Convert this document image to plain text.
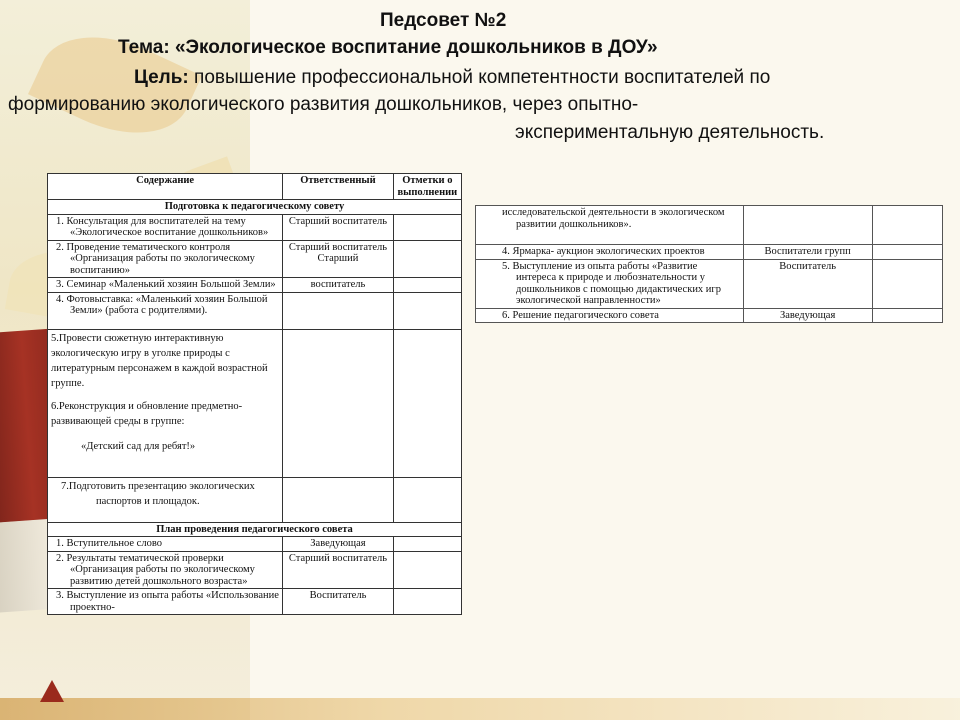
Педсовет №2
Тема: «Экологическое воспитание дошкольников в ДОУ»
Цель: повышение профессиональной компетентности воспитателей по
формированию экологического развития дошкольников, через опытно-
экспериментальную деятельность.
Содержание	Ответственный	Отметки о выполнении
Подготовка к педагогическому совету		
1. Консультация для воспитателей на тему «Экологическое воспитание дошкольников»	Старший воспитатель	
2. Проведение тематического контроля «Организация работы по экологическому воспитанию»	Старший воспитатель Старший	
3. Семинар «Маленький хозяин Большой Земли»	воспитатель	
4. Фотовыставка: «Маленький хозяин Большой Земли» (работа с родителями).		

5.Провести сюжетную интерактивную экологическую игру в уголке природы с литературным персонажем в каждой возрастной группе.
6.Реконструкция и обновление предметно-развивающей среды в группе:
«Детский сад для ребят!»		

7.Подготовить презентацию экологических
паспортов и площадок.		

План проведения педагогического совета		
1. Вступительное слово	Заведующая	
2. Результаты тематической проверки «Организация работы по экологическому развитию детей дошкольного возраста»	Старший воспитатель	
3. Выступление из опыта работы «Использование проектно-	Воспитатель	
исследовательской деятельности в экологическом развитии дошкольников».		
4. Ярмарка- аукцион экологических проектов	Воспитатели групп	
5. Выступление из опыта работы «Развитие интереса к природе и любознательности у дошкольников с помощью дидактических игр экологической направленности»	Воспитатель	
6. Решение педагогического совета	Заведующая	
